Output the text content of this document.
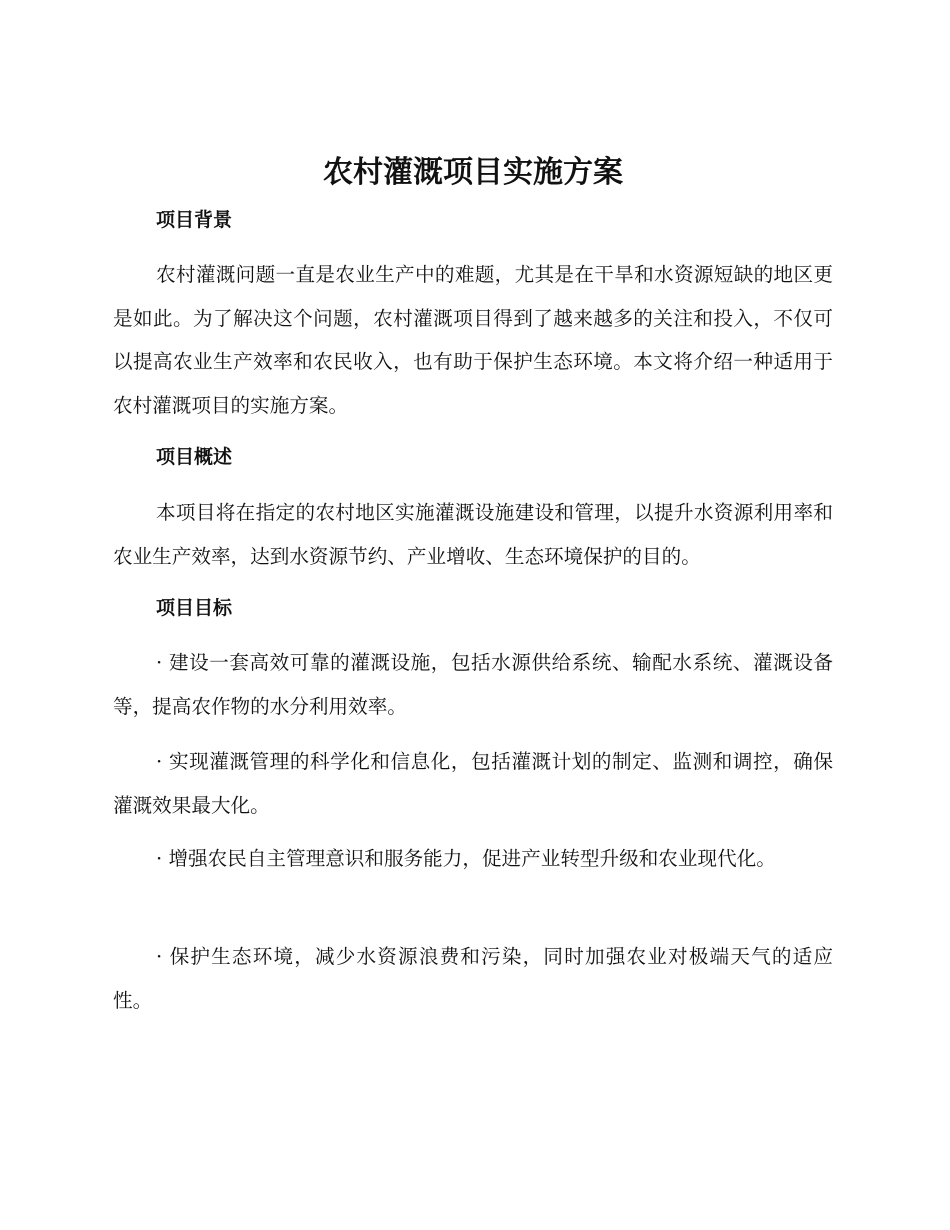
农村灌溉项目实施方案
项目背景

农村灌溉问题一直是农业生产中的难题，尤其是在干旱和水资源短缺的地区更是如此。为了解决这个问题，农村灌溉项目得到了越来越多的关注和投入，不仅可以提高农业生产效率和农民收入，也有助于保护生态环境。本文将介绍一种适用于农村灌溉项目的实施方案。

项目概述

本项目将在指定的农村地区实施灌溉设施建设和管理，以提升水资源利用率和农业生产效率，达到水资源节约、产业增收、生态环境保护的目的。

项目目标

· 建设一套高效可靠的灌溉设施，包括水源供给系统、输配水系统、灌溉设备等，提高农作物的水分利用效率。

· 实现灌溉管理的科学化和信息化，包括灌溉计划的制定、监测和调控，确保灌溉效果最大化。

· 增强农民自主管理意识和服务能力，促进产业转型升级和农业现代化。

· 保护生态环境，减少水资源浪费和污染，同时加强农业对极端天气的适应性。
